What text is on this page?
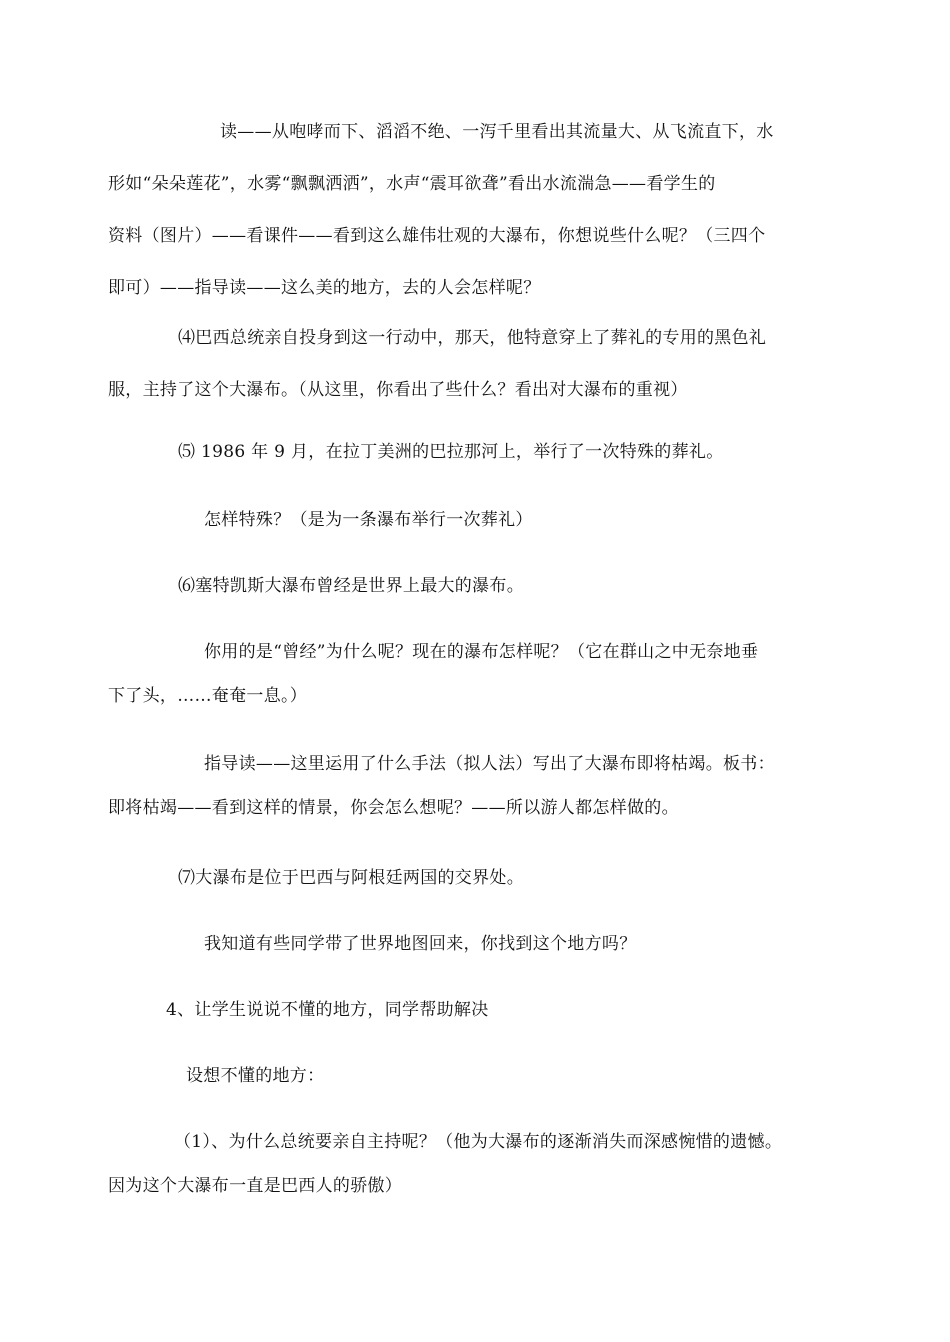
读——从咆哮而下、滔滔不绝、一泻千里看出其流量大、从飞流直下，水
形如“朵朵莲花”，水雾“飘飘洒洒”，水声“震耳欲聋”看出水流湍急——看学生的
资料（图片）——看课件——看到这么雄伟壮观的大瀑布，你想说些什么呢？（三四个
即可）——指导读——这么美的地方，去的人会怎样呢？
⑷巴西总统亲自投身到这一行动中，那天，他特意穿上了葬礼的专用的黑色礼
服，主持了这个大瀑布。（从这里，你看出了些什么？看出对大瀑布的重视）
⑸ 1986 年 9 月，在拉丁美洲的巴拉那河上，举行了一次特殊的葬礼。
怎样特殊？（是为一条瀑布举行一次葬礼）
⑹塞特凯斯大瀑布曾经是世界上最大的瀑布。
你用的是“曾经”为什么呢？现在的瀑布怎样呢？（它在群山之中无奈地垂
下了头，……奄奄一息。）
指导读——这里运用了什么手法（拟人法）写出了大瀑布即将枯竭。板书：
即将枯竭——看到这样的情景，你会怎么想呢？——所以游人都怎样做的。
⑺大瀑布是位于巴西与阿根廷两国的交界处。
我知道有些同学带了世界地图回来，你找到这个地方吗？
4、让学生说说不懂的地方，同学帮助解决
设想不懂的地方：
（1）、为什么总统要亲自主持呢？（他为大瀑布的逐渐消失而深感惋惜的遗憾。
因为这个大瀑布一直是巴西人的骄傲）
